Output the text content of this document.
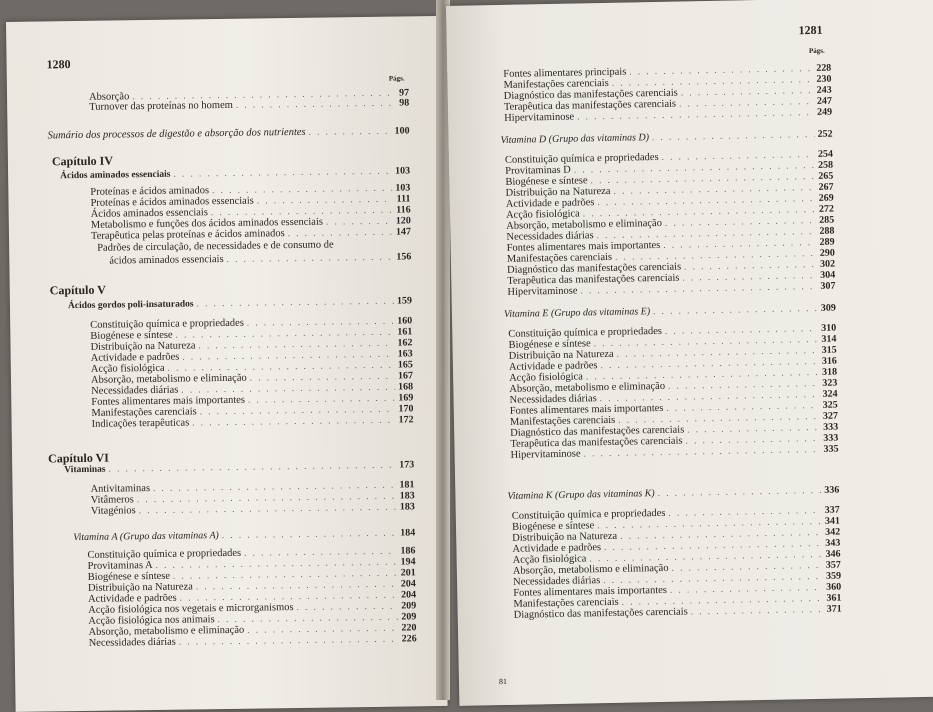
1280
Págs.
Capítulo IV
Capítulo V
Capítulo VI
Padrões de circulação, de necessidades e de consumo de
Absorção . . .	97
Turnover das proteínas no homem . . .	98
Sumário dos processos de digestão e absorção dos nutrientes . . .	100
Ácidos aminados essenciais . . .	103
Proteínas e ácidos aminados . . .	103
Proteínas e ácidos aminados essenciais . . .	111
Ácidos aminados essenciais . . .	116
Metabolismo e funções dos ácidos aminados essenciais . . .	120
Terapêutica pelas proteínas e ácidos aminados . . .	147
ácidos aminados essenciais . . .	156
Ácidos gordos poli-insaturados . . .	159
Constituição química e propriedades . . .	160
Biogénese e síntese . . .	161
Distribuição na Natureza . . .	162
Actividade e padrões . . .	163
Acção fisiológica . . .	165
Absorção, metabolismo e eliminação . . .	167
Necessidades diárias . . .	168
Fontes alimentares mais importantes . . .	169
Manifestações carenciais . . .	170
Indicações terapêuticas . . .	172
Vitaminas . . .	173
Antivitaminas . . .	181
Vitâmeros . . .	183
Vitagénios . . .	183
Vitamina A (Grupo das vitaminas A) . . .	184
Constituição química e propriedades . . .	186
Provitaminas A . . .	194
Biogénese e síntese . . .	201
Distribuição na Natureza . . .	204
Actividade e padrões . . .	204
Acção fisiológica nos vegetais e microrganismos . . .	209
Acção fisiológica nos animais . . .	209
Absorção, metabolismo e eliminação . . .	220
Necessidades diárias . . .	226
1281
Págs.
81
Fontes alimentares principais . . .	228
Manifestações carenciais . . .	230
Diagnóstico das manifestações carenciais . . .	243
Terapêutica das manifestações carenciais . . .	247
Hipervitaminose . . .	249
Vitamina D (Grupo das vitaminas D) . . .	252
Constituição química e propriedades . . .	254
Provitaminas D . . .	258
Biogénese e síntese . . .	265
Distribuição na Natureza . . .	267
Actividade e padrões . . .	269
Acção fisiológica . . .	272
Absorção, metabolismo e eliminação . . .	285
Necessidades diárias . . .	288
Fontes alimentares mais importantes . . .	289
Manifestações carenciais . . .	290
Diagnóstico das manifestações carenciais . . .	302
Terapêutica das manifestações carenciais . . .	304
Hipervitaminose . . .	307
Vitamina E (Grupo das vitaminas E) . . .	309
Constituição química e propriedades . . .	310
Biogénese e síntese . . .	314
Distribuição na Natureza . . .	315
Actividade e padrões . . .	316
Acção fisiológica . . .	318
Absorção, metabolismo e eliminação . . .	323
Necessidades diárias . . .	324
Fontes alimentares mais importantes . . .	325
Manifestações carenciais . . .	327
Diagnóstico das manifestações carenciais . . .	333
Terapêutica das manifestações carenciais . . .	333
Hipervitaminose . . .	335
Vitamina K (Grupo das vitaminas K) . . .	336
Constituição química e propriedades . . .	337
Biogénese e síntese . . .	341
Distribuição na Natureza . . .	342
Actividade e padrões . . .	343
Acção fisiológica . . .	346
Absorção, metabolismo e eliminação . . .	357
Necessidades diárias . . .	359
Fontes alimentares mais importantes . . .	360
Manifestações carenciais . . .	361
Diagnóstico das manifestações carenciais . . .	371
